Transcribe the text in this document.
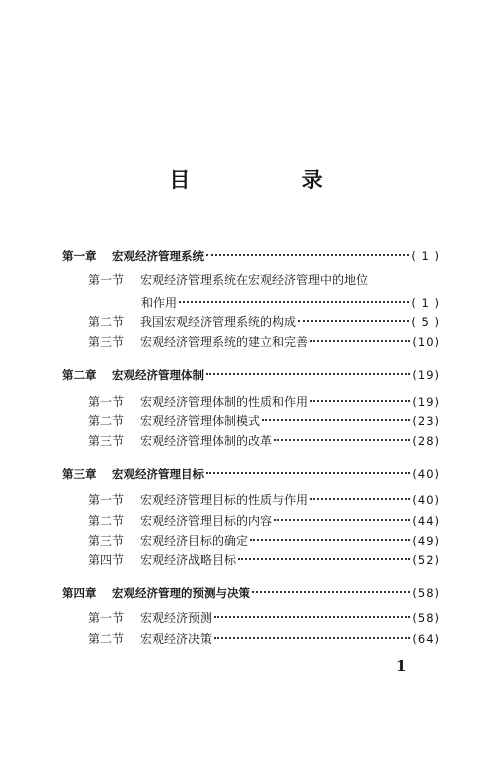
目 录
第一章	宏观经济管理系统	( 1 )
第一节	宏观经济管理系统在宏观经济管理中的地位
和作用	( 1 )
第二节	我国宏观经济管理系统的构成	( 5 )
第三节	宏观经济管理系统的建立和完善	(10)
第二章	宏观经济管理体制	(19)
第一节	宏观经济管理体制的性质和作用	(19)
第二节	宏观经济管理体制模式	(23)
第三节	宏观经济管理体制的改革	(28)
第三章	宏观经济管理目标	(40)
第一节	宏观经济管理目标的性质与作用	(40)
第二节	宏观经济管理目标的内容	(44)
第三节	宏观经济目标的确定	(49)
第四节	宏观经济战略目标	(52)
第四章	宏观经济管理的预测与决策	(58)
第一节	宏观经济预测	(58)
第二节	宏观经济决策	(64)
1
